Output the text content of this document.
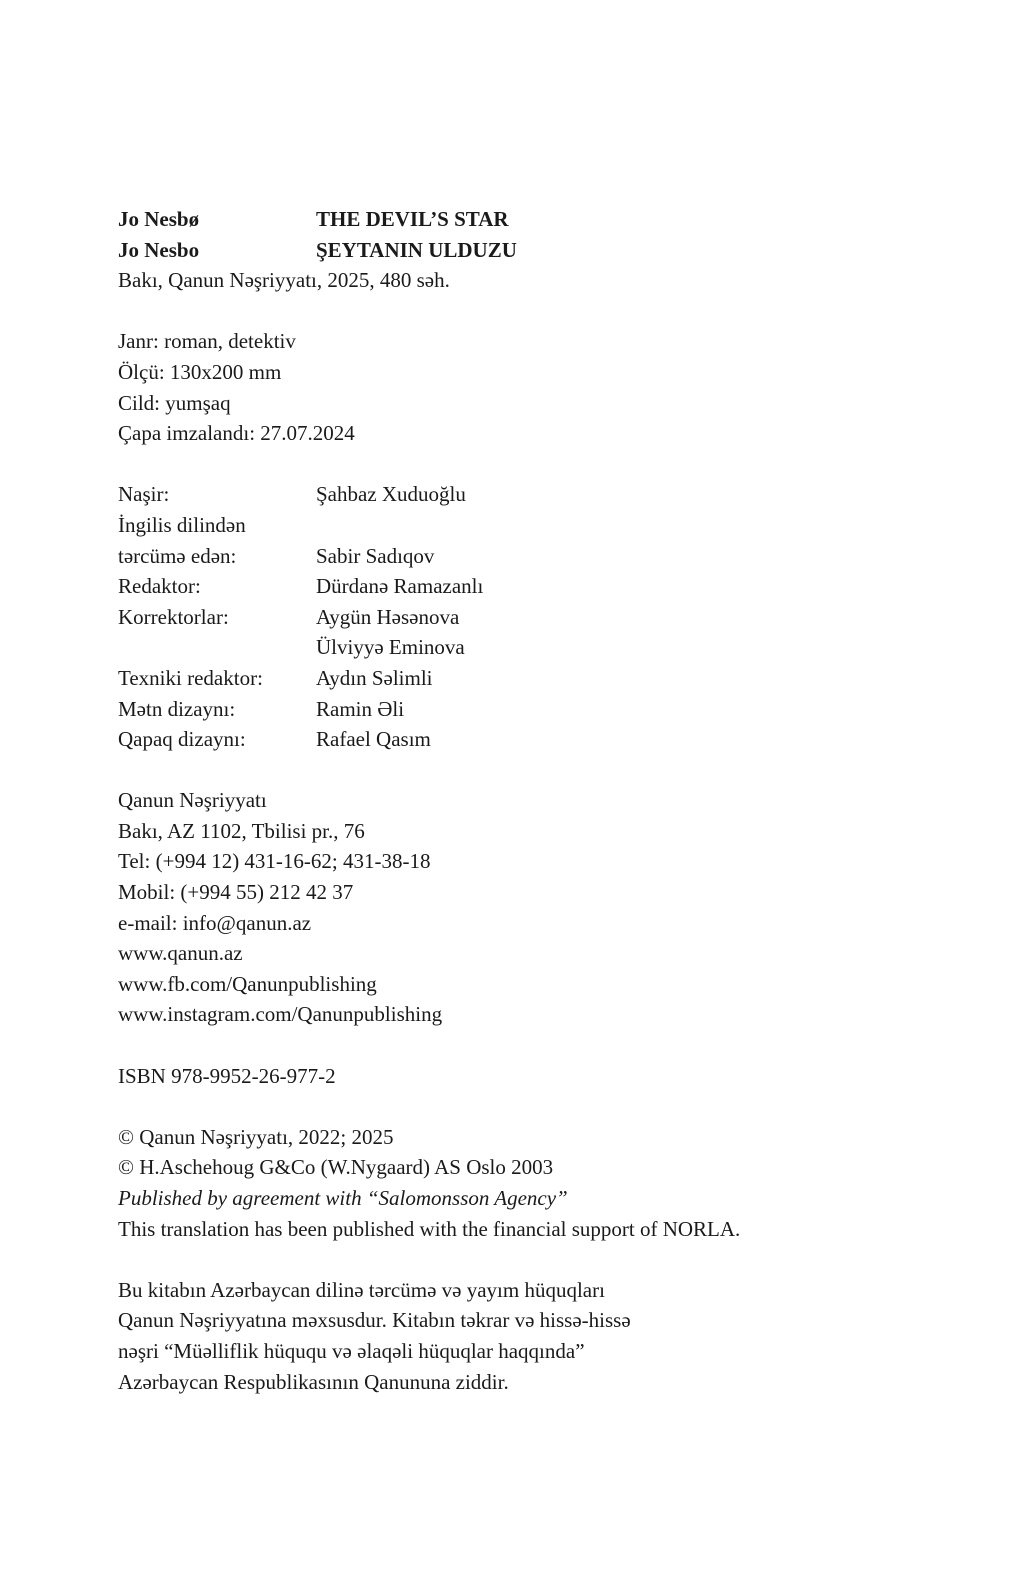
Jo Nesbø	THE DEVIL’S STAR
Jo Nesbo	ŞEYTANIN ULDUZU
Bakı, Qanun Nəşriyyatı, 2025, 480 səh.
Janr: roman, detektiv
Ölçü: 130x200 mm
Cild: yumşaq
Çapa imzalandı: 27.07.2024
Naşir:	Şahbaz Xuduoğlu
İngilis dilindən
tərcümə edən:	Sabir Sadıqov
Redaktor:	Dürdanə Ramazanlı
Korrektorlar:	Aygün Həsənova
Ülviyyə Eminova
Texniki redaktor:	Aydın Səlimli
Mətn dizaynı:	Ramin Əli
Qapaq dizaynı:	Rafael Qasım
Qanun Nəşriyyatı
Bakı, AZ 1102, Tbilisi pr., 76
Tel: (+994 12) 431-16-62; 431-38-18
Mobil: (+994 55) 212 42 37
e-mail: info@qanun.az
www.qanun.az
www.fb.com/Qanunpublishing
www.instagram.com/Qanunpublishing
ISBN 978-9952-26-977-2
© Qanun Nəşriyyatı, 2022; 2025
© H.Aschehoug G&Co (W.Nygaard) AS Oslo 2003
Published by agreement with “Salomonsson Agency”
This translation has been published with the financial support of NORLA.
Bu kitabın Azərbaycan dilinə tərcümə və yayım hüquqları
Qanun Nəşriyyatına məxsusdur. Kitabın təkrar və hissə-hissə
nəşri “Müəlliflik hüququ və əlaqəli hüquqlar haqqında”
Azərbaycan Respublikasının Qanununa ziddir.
